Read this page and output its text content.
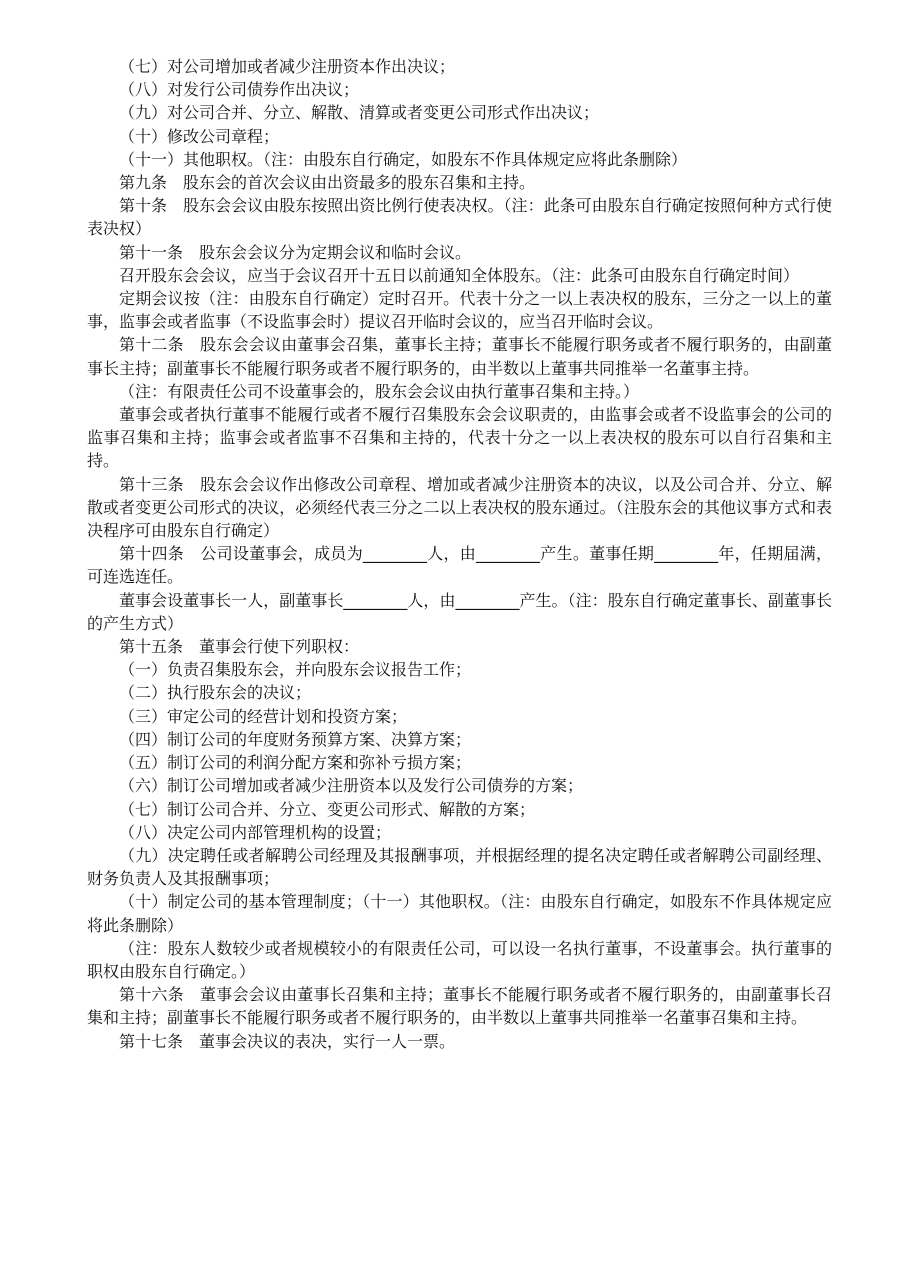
（七）对公司增加或者减少注册资本作出决议；

（八）对发行公司债券作出决议；

（九）对公司合并、分立、解散、清算或者变更公司形式作出决议；

（十）修改公司章程；

（十一）其他职权。（注：由股东自行确定，如股东不作具体规定应将此条删除）

第九条　股东会的首次会议由出资最多的股东召集和主持。

第十条　股东会会议由股东按照出资比例行使表决权。（注：此条可由股东自行确定按照何种方式行使表决权）

第十一条　股东会会议分为定期会议和临时会议。

召开股东会会议，应当于会议召开十五日以前通知全体股东。（注：此条可由股东自行确定时间）

定期会议按（注：由股东自行确定）定时召开。代表十分之一以上表决权的股东，三分之一以上的董事，监事会或者监事（不设监事会时）提议召开临时会议的，应当召开临时会议。

第十二条　股东会会议由董事会召集，董事长主持；董事长不能履行职务或者不履行职务的，由副董事长主持；副董事长不能履行职务或者不履行职务的，由半数以上董事共同推举一名董事主持。

（注：有限责任公司不设董事会的，股东会会议由执行董事召集和主持。）

董事会或者执行董事不能履行或者不履行召集股东会会议职责的，由监事会或者不设监事会的公司的监事召集和主持；监事会或者监事不召集和主持的，代表十分之一以上表决权的股东可以自行召集和主持。

第十三条　股东会会议作出修改公司章程、增加或者减少注册资本的决议，以及公司合并、分立、解散或者变更公司形式的决议，必须经代表三分之二以上表决权的股东通过。（注股东会的其他议事方式和表决程序可由股东自行确定）

第十四条　公司设董事会，成员为________人，由________产生。董事任期________年，任期届满，可连选连任。

董事会设董事长一人，副董事长________人，由________产生。（注：股东自行确定董事长、副董事长的产生方式）

第十五条　董事会行使下列职权：

（一）负责召集股东会，并向股东会议报告工作；

（二）执行股东会的决议；

（三）审定公司的经营计划和投资方案；

（四）制订公司的年度财务预算方案、决算方案；

（五）制订公司的利润分配方案和弥补亏损方案；

（六）制订公司增加或者减少注册资本以及发行公司债券的方案；

（七）制订公司合并、分立、变更公司形式、解散的方案；

（八）决定公司内部管理机构的设置；

（九）决定聘任或者解聘公司经理及其报酬事项，并根据经理的提名决定聘任或者解聘公司副经理、财务负责人及其报酬事项；

（十）制定公司的基本管理制度；（十一）其他职权。（注：由股东自行确定，如股东不作具体规定应将此条删除）

（注：股东人数较少或者规模较小的有限责任公司，可以设一名执行董事，不设董事会。执行董事的职权由股东自行确定。）

第十六条　董事会会议由董事长召集和主持；董事长不能履行职务或者不履行职务的，由副董事长召集和主持；副董事长不能履行职务或者不履行职务的，由半数以上董事共同推举一名董事召集和主持。

第十七条　董事会决议的表决，实行一人一票。
